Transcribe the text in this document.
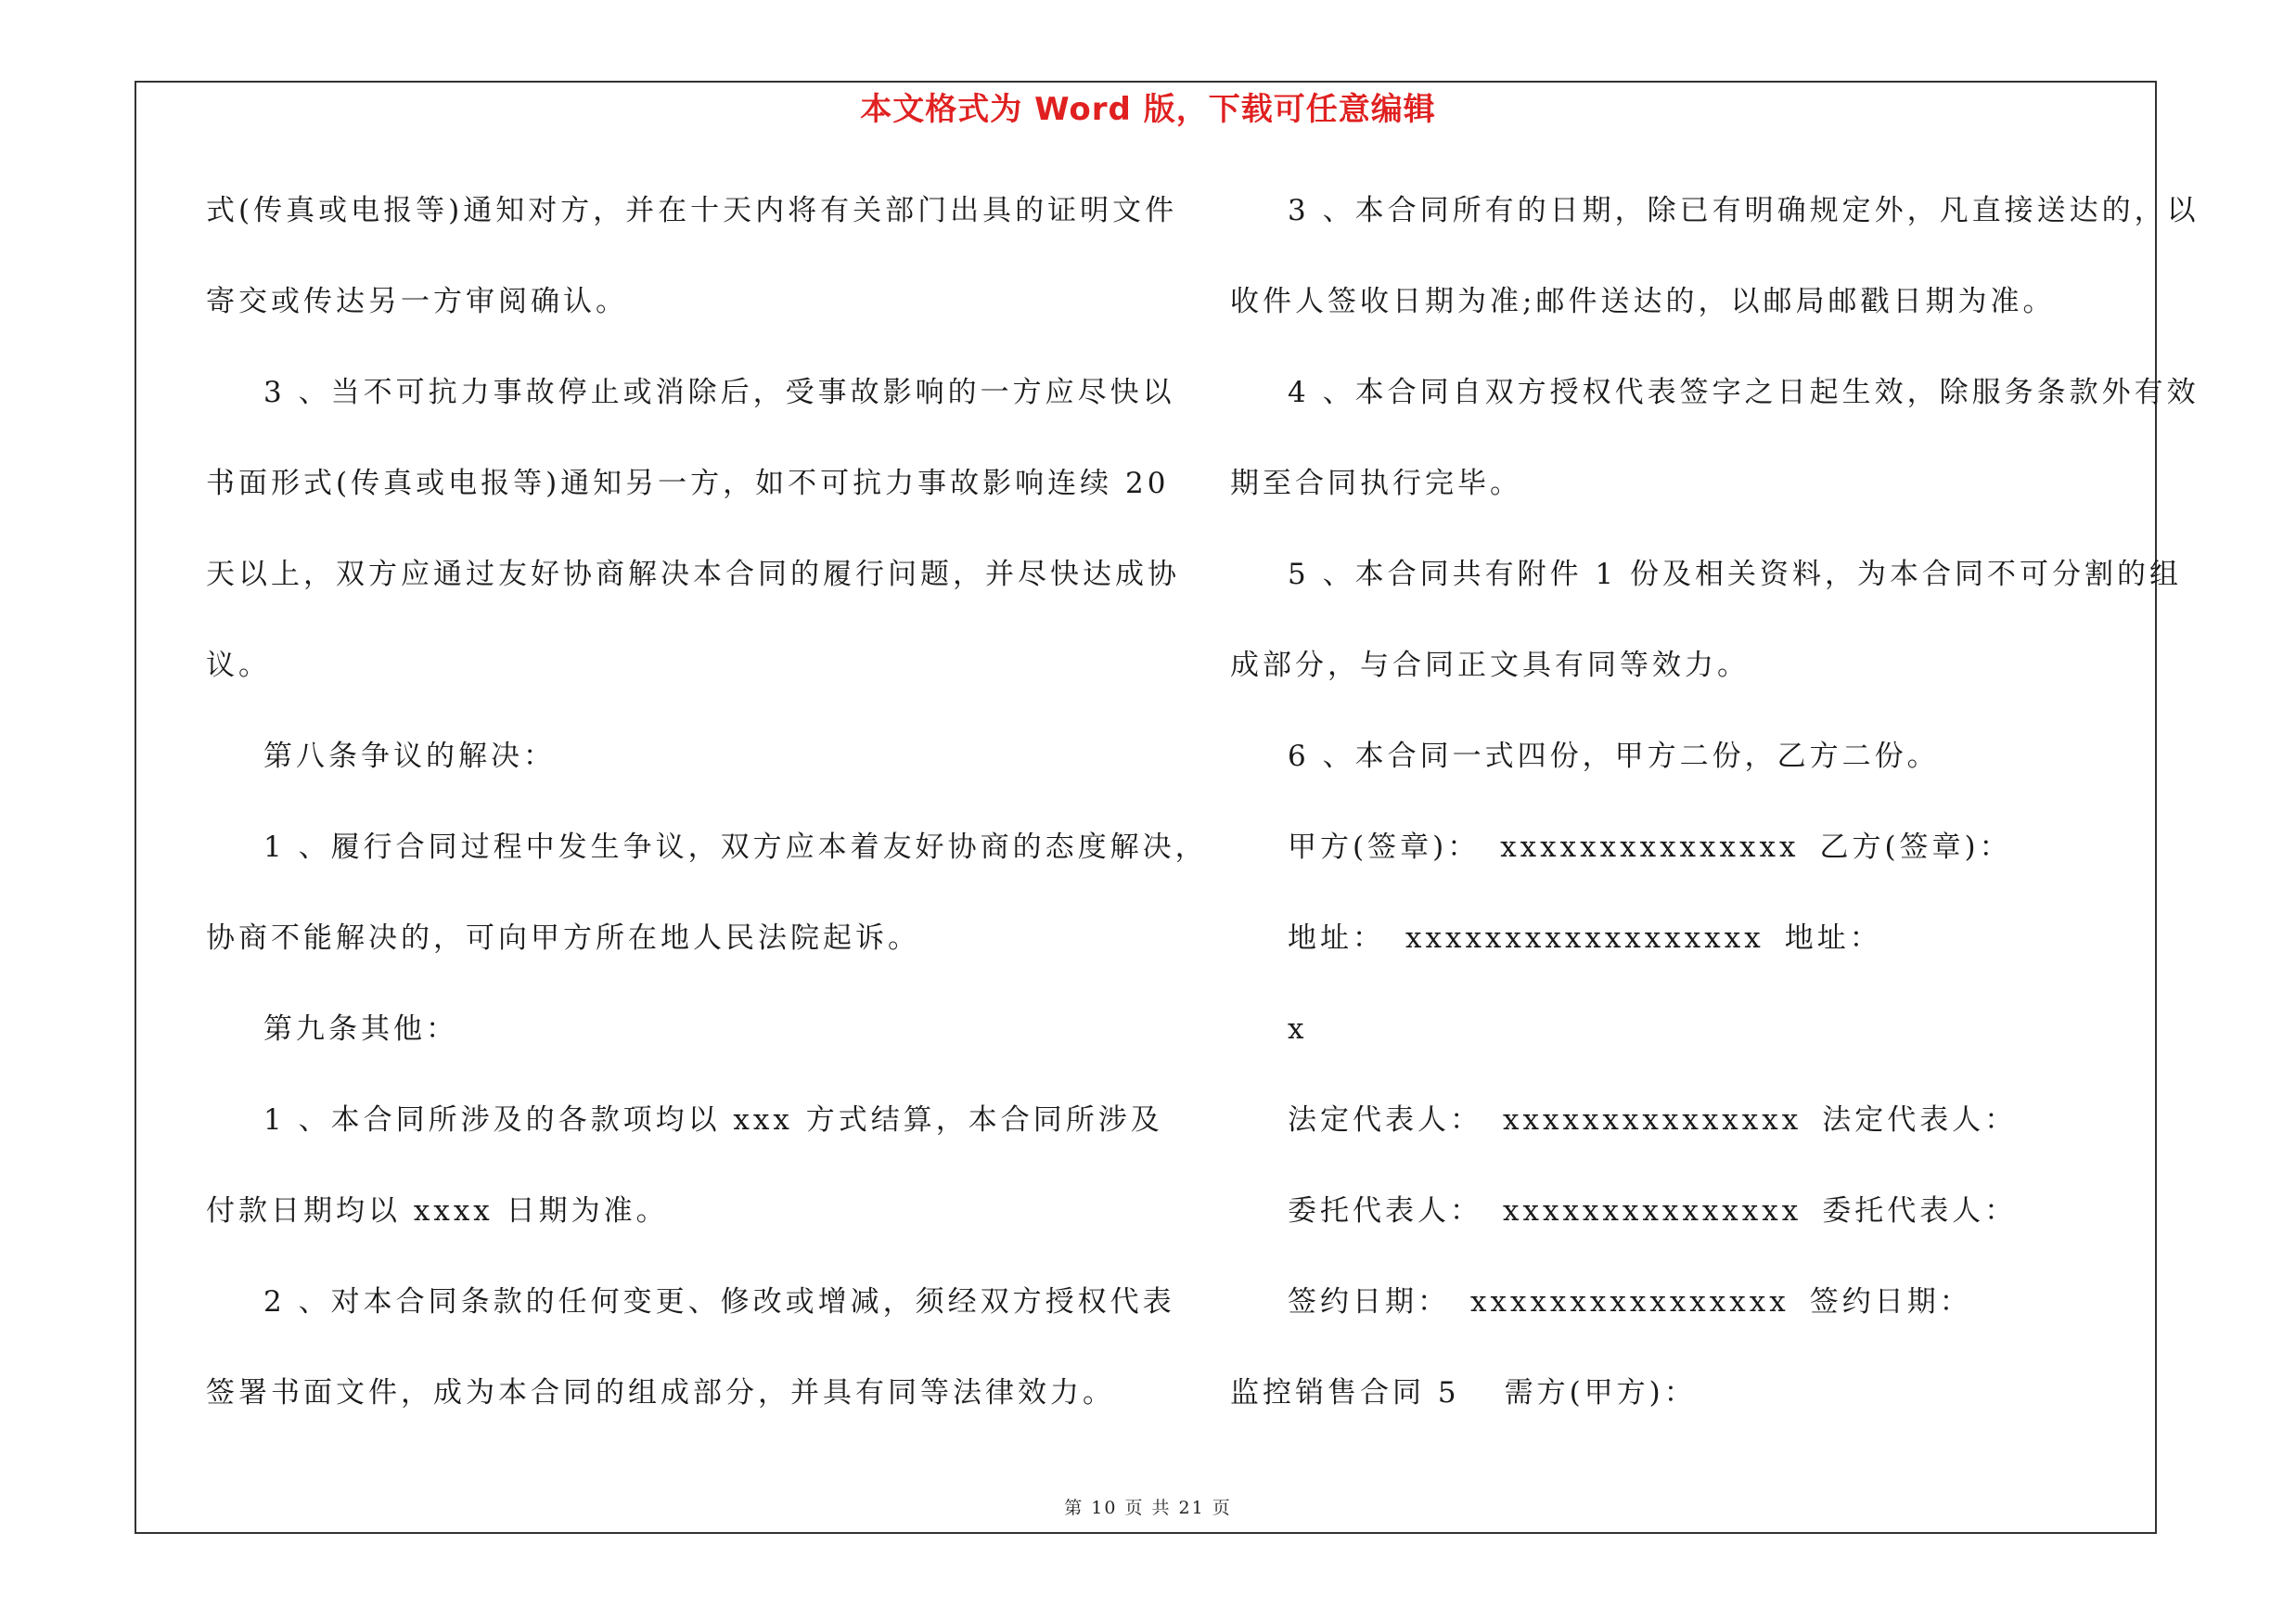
本文格式为 Word 版，下载可任意编辑
式(传真或电报等)通知对方，并在十天内将有关部门出具的证明文件
寄交或传达另一方审阅确认。
3 、当不可抗力事故停止或消除后，受事故影响的一方应尽快以
书面形式(传真或电报等)通知另一方，如不可抗力事故影响连续 20
天以上，双方应通过友好协商解决本合同的履行问题，并尽快达成协
议。
第八条争议的解决：
1 、履行合同过程中发生争议，双方应本着友好协商的态度解决，
协商不能解决的，可向甲方所在地人民法院起诉。
第九条其他：
1 、本合同所涉及的各款项均以 xxx 方式结算，本合同所涉及
付款日期均以 xxxx 日期为准。
2 、对本合同条款的任何变更、修改或增减，须经双方授权代表
签署书面文件，成为本合同的组成部分，并具有同等法律效力。
3 、本合同所有的日期，除已有明确规定外，凡直接送达的，以
收件人签收日期为准;邮件送达的，以邮局邮戳日期为准。
4 、本合同自双方授权代表签字之日起生效，除服务条款外有效
期至合同执行完毕。
5 、本合同共有附件 1 份及相关资料，为本合同不可分割的组
成部分，与合同正文具有同等效力。
6 、本合同一式四份，甲方二份，乙方二份。
甲方(签章)： xxxxxxxxxxxxxxx 乙方(签章)：
地址： xxxxxxxxxxxxxxxxxx 地址：
x
法定代表人： xxxxxxxxxxxxxxx 法定代表人：
委托代表人： xxxxxxxxxxxxxxx 委托代表人：
签约日期： xxxxxxxxxxxxxxxx 签约日期：
监控销售合同 5 需方(甲方)：
第 10 页 共 21 页
